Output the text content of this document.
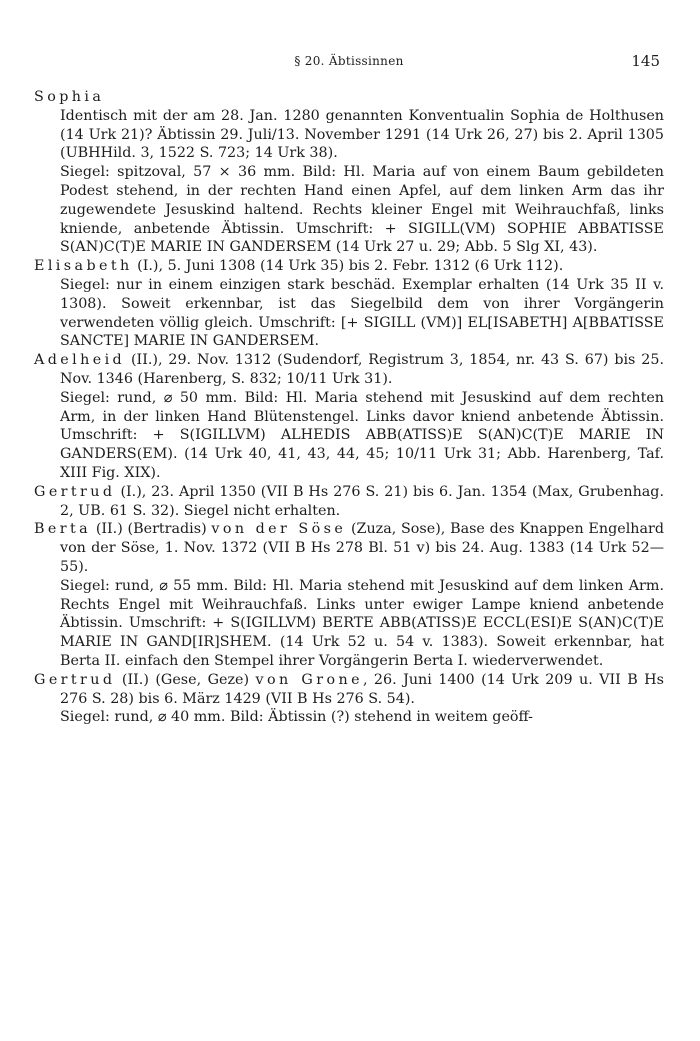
§ 20. Äbtissinnen	145

Sophia

Identisch mit der am 28. Jan. 1280 genannten Konventualin Sophia de Holthusen (14 Urk 21)? Äbtissin 29. Juli/13. November 1291 (14 Urk 26, 27) bis 2. April 1305 (UBHHild. 3, 1522 S. 723; 14 Urk 38).

Siegel: spitzoval, 57 × 36 mm. Bild: Hl. Maria auf von einem Baum gebildeten Podest stehend, in der rechten Hand einen Apfel, auf dem linken Arm das ihr zugewendete Jesuskind haltend. Rechts kleiner Engel mit Weihrauchfaß, links kniende, anbetende Äbtissin. Umschrift: + SIGILL(VM) SOPHIE ABBATISSE S(AN)C(T)E MARIE IN GANDERSEM (14 Urk 27 u. 29; Abb. 5 Slg XI, 43).

Elisabeth (I.), 5. Juni 1308 (14 Urk 35) bis 2. Febr. 1312 (6 Urk 112).

Siegel: nur in einem einzigen stark beschäd. Exemplar erhalten (14 Urk 35 II v. 1308). Soweit erkennbar, ist das Siegelbild dem von ihrer Vorgängerin verwendeten völlig gleich. Umschrift: [+ SIGILL (VM)] EL[ISABETH] A[BBATISSE SANCTE] MARIE IN GANDERSEM.

Adelheid (II.), 29. Nov. 1312 (Sudendorf, Registrum 3, 1854, nr. 43 S. 67) bis 25. Nov. 1346 (Harenberg, S. 832; 10/11 Urk 31).

Siegel: rund, ⌀ 50 mm. Bild: Hl. Maria stehend mit Jesuskind auf dem rechten Arm, in der linken Hand Blütenstengel. Links davor kniend anbetende Äbtissin. Umschrift: + S(IGILLVM) ALHEDIS ABB(ATISS)E S(AN)C(T)E MARIE IN GANDERS(EM). (14 Urk 40, 41, 43, 44, 45; 10/11 Urk 31; Abb. Harenberg, Taf. XIII Fig. XIX).

Gertrud (I.), 23. April 1350 (VII B Hs 276 S. 21) bis 6. Jan. 1354 (Max, Grubenhag. 2, UB. 61 S. 32). Siegel nicht erhalten.

Berta (II.) (Bertradis) von der Söse (Zuza, Sose), Base des Knappen Engelhard von der Söse, 1. Nov. 1372 (VII B Hs 278 Bl. 51 v) bis 24. Aug. 1383 (14 Urk 52—55).

Siegel: rund, ⌀ 55 mm. Bild: Hl. Maria stehend mit Jesuskind auf dem linken Arm. Rechts Engel mit Weihrauchfaß. Links unter ewiger Lampe kniend anbetende Äbtissin. Umschrift: + S(IGILLVM) BERTE ABB(ATISS)E ECCL(ESI)E S(AN)C(T)E MARIE IN GAND[IR]SHEM. (14 Urk 52 u. 54 v. 1383). Soweit erkennbar, hat Berta II. einfach den Stempel ihrer Vorgängerin Berta I. wiederverwendet.

Gertrud (II.) (Gese, Geze) von Grone, 26. Juni 1400 (14 Urk 209 u. VII B Hs 276 S. 28) bis 6. März 1429 (VII B Hs 276 S. 54).

Siegel: rund, ⌀ 40 mm. Bild: Äbtissin (?) stehend in weitem geöff-
